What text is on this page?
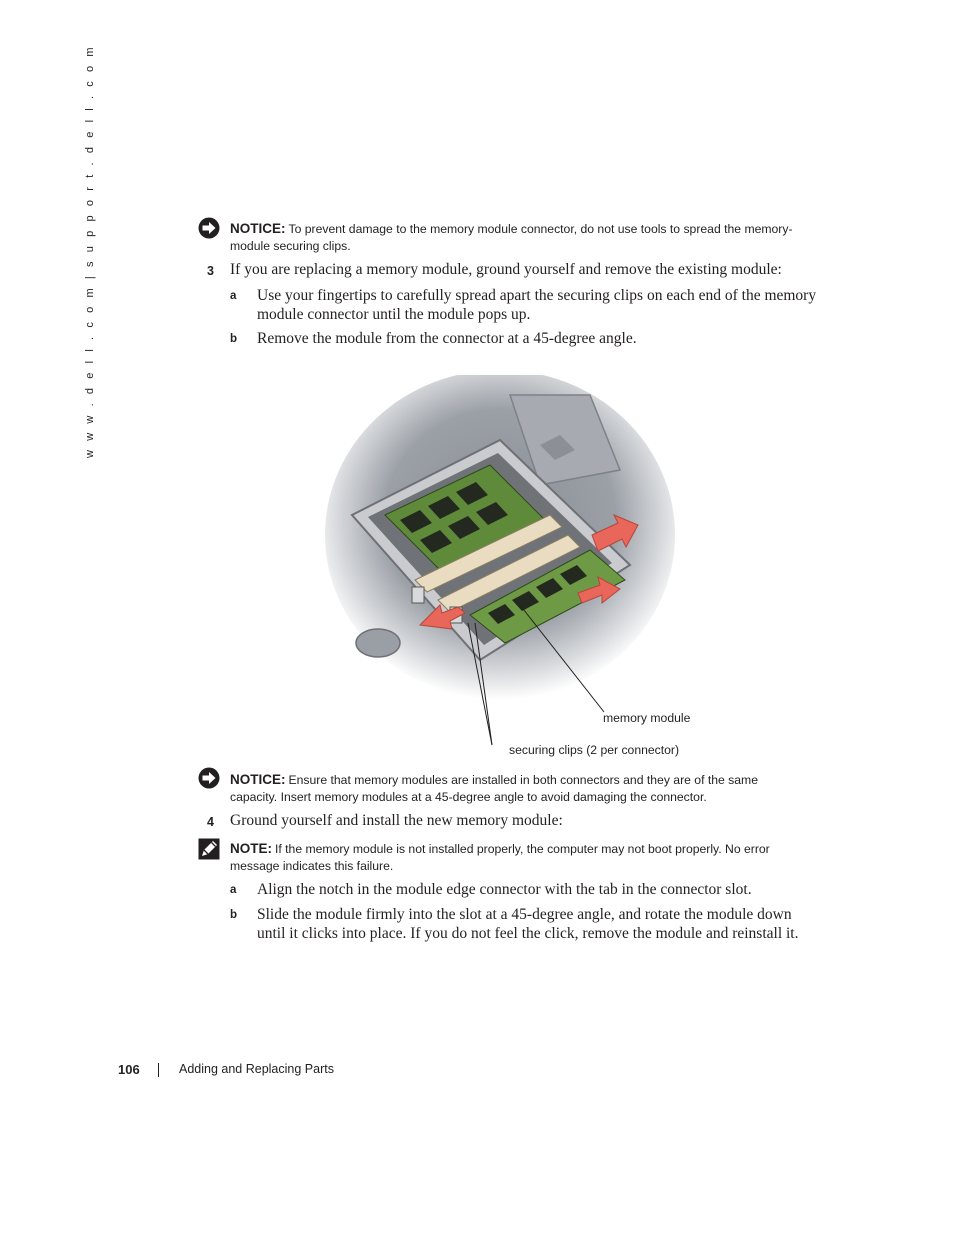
w w w . d e l l . c o m | s u p p o r t . d e l l . c o m	NOTICE: To prevent damage to the memory module connector, do not use tools to spread the memory-module securing clips.
3 If you are replacing a memory module, ground yourself and remove the existing module:
a Use your fingertips to carefully spread apart the securing clips on each end of the memory module connector until the module pops up.
b Remove the module from the connector at a 45-degree angle.
memory module
securing clips (2 per connector)
NOTICE: Ensure that memory modules are installed in both connectors and they are of the same capacity. Insert memory modules at a 45-degree angle to avoid damaging the connector.
4 Ground yourself and install the new memory module:
NOTE: If the memory module is not installed properly, the computer may not boot properly. No error message indicates this failure.
a Align the notch in the module edge connector with the tab in the connector slot.
b Slide the module firmly into the slot at a 45-degree angle, and rotate the module down until it clicks into place. If you do not feel the click, remove the module and reinstall it.
106	Adding and Replacing Parts
